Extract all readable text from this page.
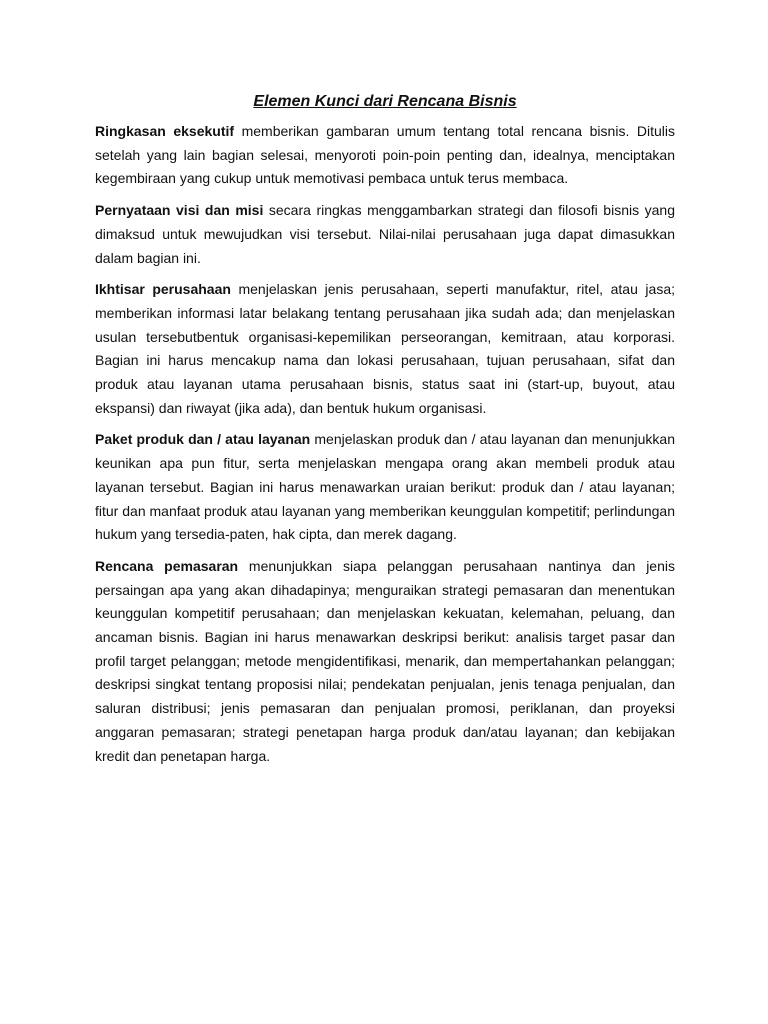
Elemen Kunci dari Rencana Bisnis

Ringkasan eksekutif memberikan gambaran umum tentang total rencana bisnis. Ditulis setelah yang lain bagian selesai, menyoroti poin-poin penting dan, idealnya, menciptakan kegembiraan yang cukup untuk memotivasi pembaca untuk terus membaca.

Pernyataan visi dan misi secara ringkas menggambarkan strategi dan filosofi bisnis yang dimaksud untuk mewujudkan visi tersebut. Nilai-nilai perusahaan juga dapat dimasukkan dalam bagian ini.

Ikhtisar perusahaan menjelaskan jenis perusahaan, seperti manufaktur, ritel, atau jasa; memberikan informasi latar belakang tentang perusahaan jika sudah ada; dan menjelaskan usulan tersebutbentuk organisasi-kepemilikan perseorangan, kemitraan, atau korporasi. Bagian ini harus mencakup nama dan lokasi perusahaan, tujuan perusahaan, sifat dan produk atau layanan utama perusahaan bisnis, status saat ini (start-up, buyout, atau ekspansi) dan riwayat (jika ada), dan bentuk hukum organisasi.

Paket produk dan / atau layanan menjelaskan produk dan / atau layanan dan menunjukkan keunikan apa pun fitur, serta menjelaskan mengapa orang akan membeli produk atau layanan tersebut. Bagian ini harus menawarkan uraian berikut: produk dan / atau layanan; fitur dan manfaat produk atau layanan yang memberikan keunggulan kompetitif; perlindungan hukum yang tersedia-paten, hak cipta, dan merek dagang.

Rencana pemasaran menunjukkan siapa pelanggan perusahaan nantinya dan jenis persaingan apa yang akan dihadapinya; menguraikan strategi pemasaran dan menentukan keunggulan kompetitif perusahaan; dan menjelaskan kekuatan, kelemahan, peluang, dan ancaman bisnis. Bagian ini harus menawarkan deskripsi berikut: analisis target pasar dan profil target pelanggan; metode mengidentifikasi, menarik, dan mempertahankan pelanggan; deskripsi singkat tentang proposisi nilai; pendekatan penjualan, jenis tenaga penjualan, dan saluran distribusi; jenis pemasaran dan penjualan promosi, periklanan, dan proyeksi anggaran pemasaran; strategi penetapan harga produk dan/atau layanan; dan kebijakan kredit dan penetapan harga.
